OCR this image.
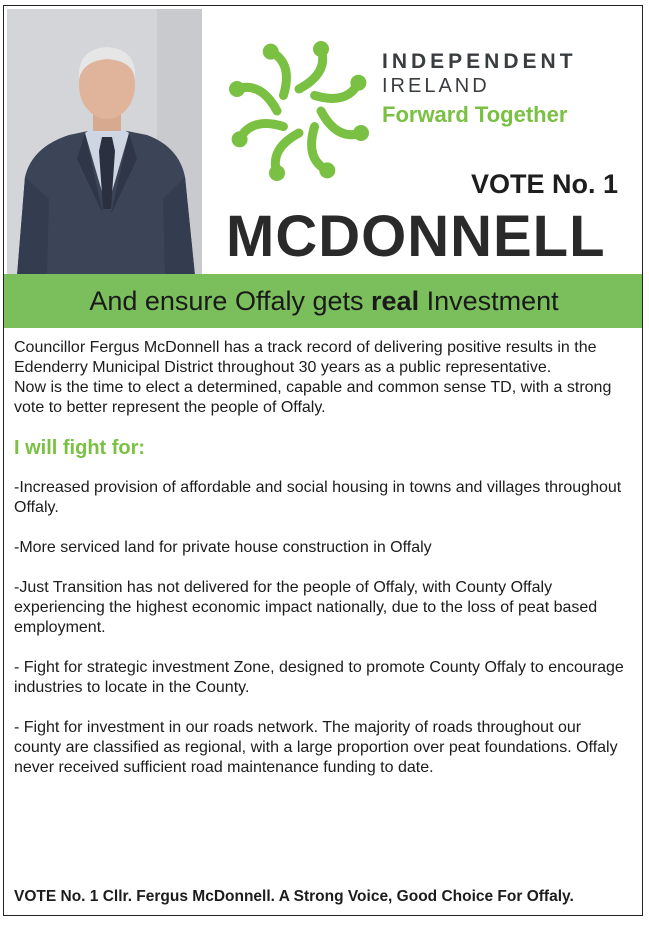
INDEPENDENT
IRELAND
Forward Together
VOTE No. 1
MCDONNELL
And ensure Offaly gets
real
Investment

Councillor Fergus McDonnell has a track record of delivering positive results in the Edenderry Municipal District throughout 30 years as a public representative.

Now is the time to elect a determined, capable and common sense TD, with a strong vote to better represent the people of Offaly.

I will fight for:

-Increased provision of affordable and social housing in towns and villages throughout Offaly.

-More serviced land for private house construction in Offaly

-Just Transition has not delivered for the people of Offaly, with County Offaly experiencing the highest economic impact nationally, due to the loss of peat based employment.

- Fight for strategic investment Zone, designed to promote County Offaly to encourage industries to locate in the County.

- Fight for investment in our roads network. The majority of roads throughout our county are classified as regional, with a large proportion over peat foundations. Offaly never received sufficient road maintenance funding to date.

VOTE No. 1 Cllr. Fergus McDonnell. A Strong Voice, Good Choice For Offaly.
